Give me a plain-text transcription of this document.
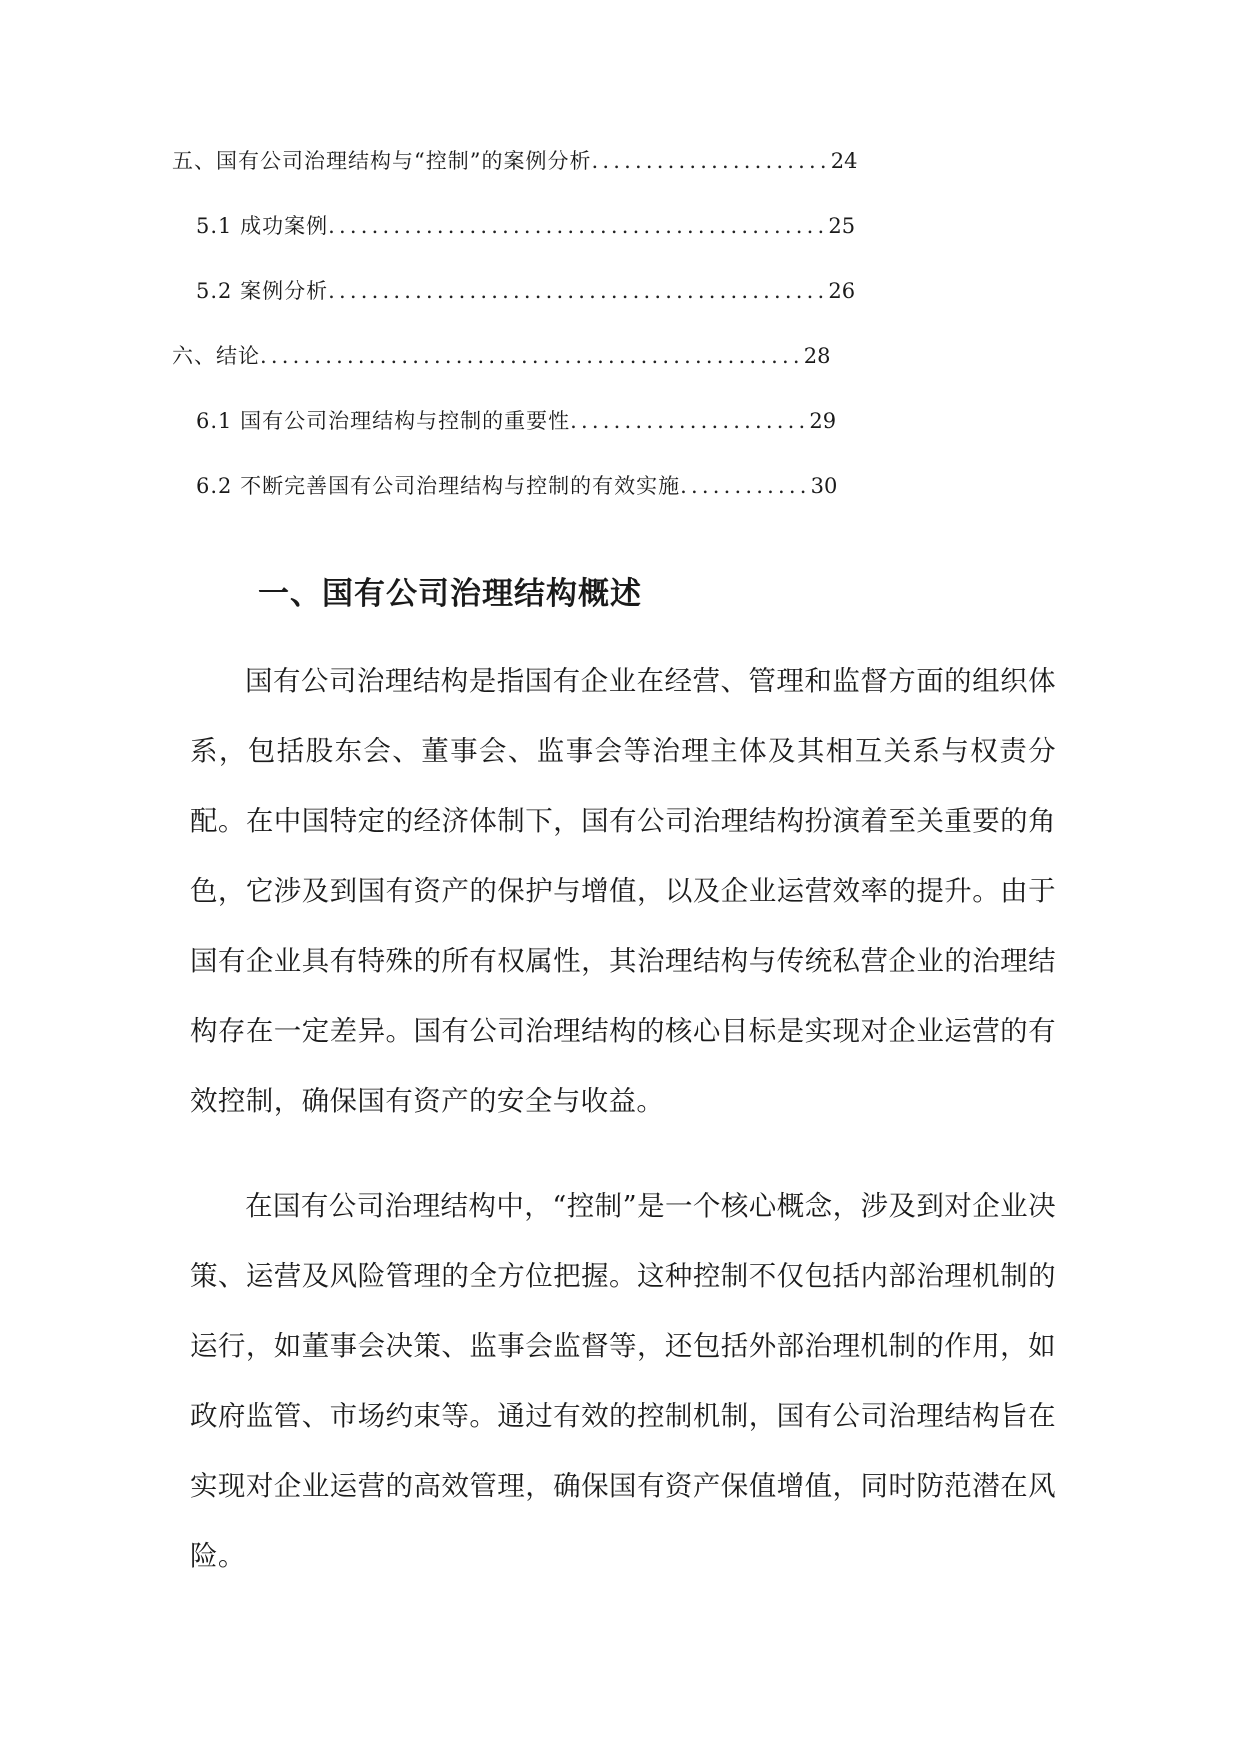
五、国有公司治理结构与“控制”的案例分析 ...................... 24
5.1 成功案例 .............................................. 25
5.2 案例分析 .............................................. 26
六、结论 .................................................. 28
6.1 国有公司治理结构与控制的重要性 ...................... 29
6.2 不断完善国有公司治理结构与控制的有效实施 ............ 30
一、国有公司治理结构概述

国有公司治理结构是指国有企业在经营、管理和监督方面的组织体系，包括股东会、董事会、监事会等治理主体及其相互关系与权责分配。在中国特定的经济体制下，国有公司治理结构扮演着至关重要的角色，它涉及到国有资产的保护与增值，以及企业运营效率的提升。由于国有企业具有特殊的所有权属性，其治理结构与传统私营企业的治理结构存在一定差异。国有公司治理结构的核心目标是实现对企业运营的有效控制，确保国有资产的安全与收益。

在国有公司治理结构中，“控制”是一个核心概念，涉及到对企业决策、运营及风险管理的全方位把握。这种控制不仅包括内部治理机制的运行，如董事会决策、监事会监督等，还包括外部治理机制的作用，如政府监管、市场约束等。通过有效的控制机制，国有公司治理结构旨在实现对企业运营的高效管理，确保国有资产保值增值，同时防范潜在风险。
